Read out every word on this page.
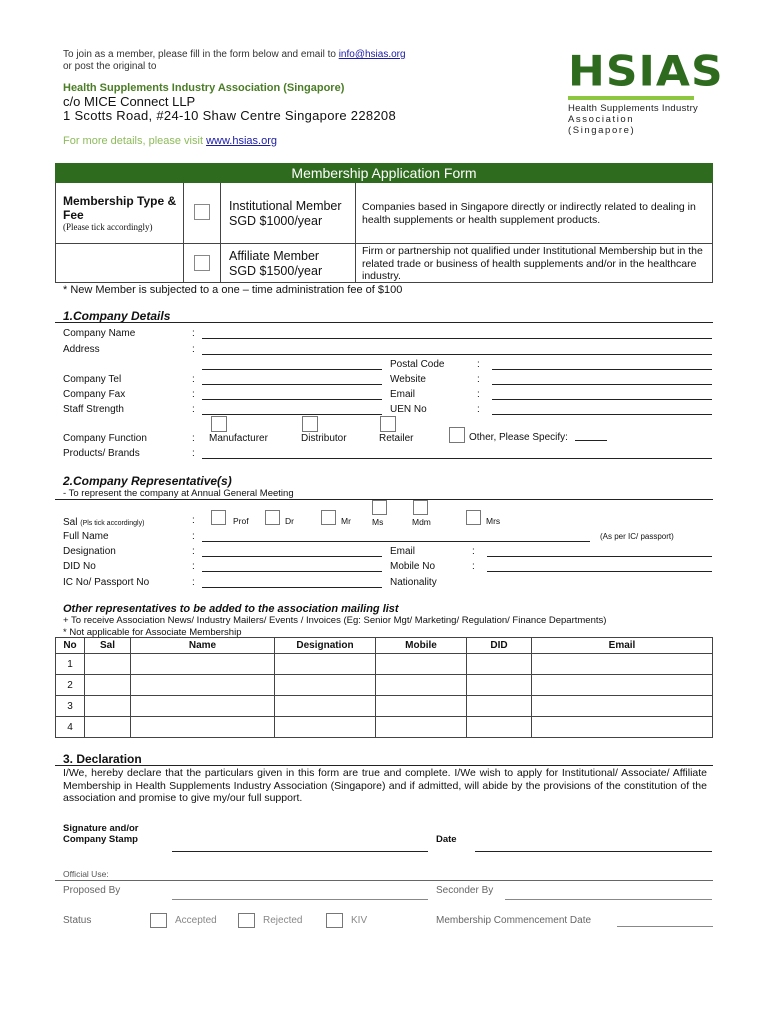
To join as a member, please fill in the form below and email to info@hsias.org
or post the original to
Health Supplements Industry Association (Singapore)
c/o MICE Connect LLP
1 Scotts Road, #24-10 Shaw Centre Singapore 228208
For more details, please visit www.hsias.org
HSIAS
Health Supplements Industry
Association (Singapore)
Membership Application Form
Membership Type & Fee
(Please tick accordingly)
Institutional Member
SGD $1000/year
Companies based in Singapore directly or indirectly related to dealing in health supplements or health supplement products.
Affiliate Member
SGD $1500/year
Firm or partnership not qualified under Institutional Membership but in the related trade or business of health supplements and/or in the healthcare industry.
* New Member is subjected to a one – time administration fee of $100
1.Company Details
Company Name	:
Address	:
Postal Code	:
Company Tel	:	Website	:
Company Fax	:	Email	:
Staff Strength	:	UEN No	:
Company Function	: Manufacturer	Distributor	Retailer	Other, Please Specify:
Products/ Brands	:
2.Company Representative(s)
- To represent the company at Annual General Meeting
Sal (Pls tick accordingly)	:	Prof	Dr	Mr Ms	Mdm	Mrs
Full Name	:	(As per IC/ passport)
Designation	:	Email	:
DID No	:	Mobile No	:
IC No/ Passport No	:	Nationality
Other representatives to be added to the association mailing list
+ To receive Association News/ Industry Mailers/ Events / Invoices (Eg: Senior Mgt/ Marketing/ Regulation/ Finance Departments)
* Not applicable for Associate Membership
No	Sal	Name	Designation	Mobile	DID	Email
1						
2						
3						
4						
3. Declaration
I/We, hereby declare that the particulars given in this form are true and complete. I/We wish to apply for Institutional/ Associate/ Affiliate Membership in Health Supplements Industry Association (Singapore) and if admitted, will abide by the provisions of the constitution of the association and promise to give my/our full support.
Signature and/or
Company Stamp	Date
Official Use:
Proposed By	Seconder By
Status	Accepted	Rejected	KIV	Membership Commencement Date
